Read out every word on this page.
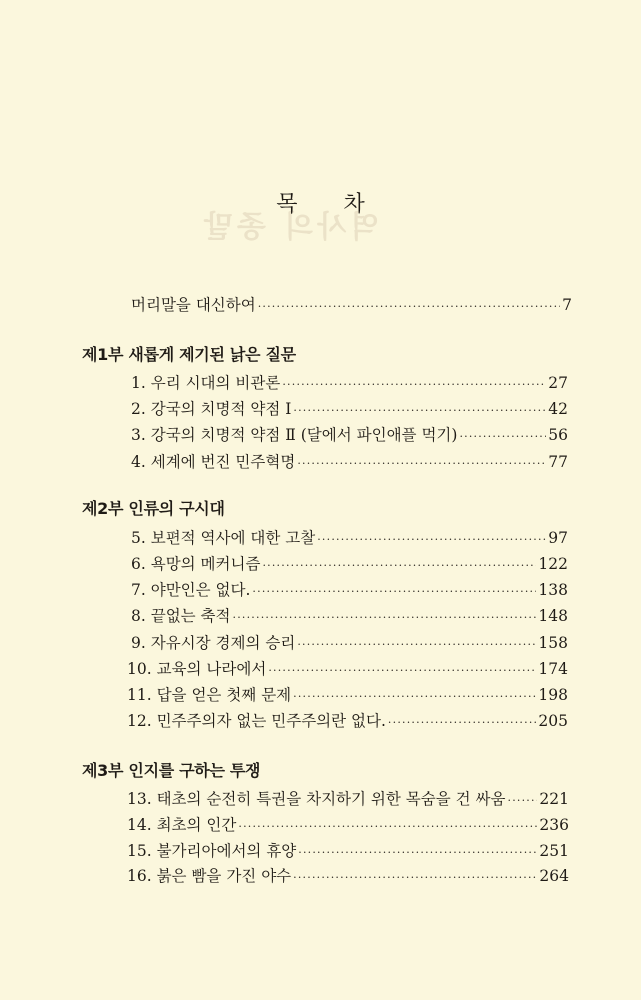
역사의 종말
목 차
머리말을 대신하여 ·····	7
제1부 새롭게 제기된 낡은 질문
1. 우리 시대의 비관론 ·····	27
2. 강국의 치명적 약점 Ⅰ ·····	42
3. 강국의 치명적 약점 Ⅱ (달에서 파인애플 먹기) ·····	56
4. 세계에 번진 민주혁명 ·····	77
제2부 인류의 구시대
5. 보편적 역사에 대한 고찰 ·····	97
6. 욕망의 메커니즘 ·····	122
7. 야만인은 없다. ·····	138
8. 끝없는 축적 ·····	148
9. 자유시장 경제의 승리 ·····	158
10. 교육의 나라에서 ·····	174
11. 답을 얻은 첫째 문제 ·····	198
12. 민주주의자 없는 민주주의란 없다. ·····	205
제3부 인지를 구하는 투쟁
13. 태초의 순전히 특권을 차지하기 위한 목숨을 건 싸움 ····· 221
14. 최초의 인간 ·····	236
15. 불가리아에서의 휴양 ·····	251
16. 붉은 빰을 가진 야수 ·····	264
